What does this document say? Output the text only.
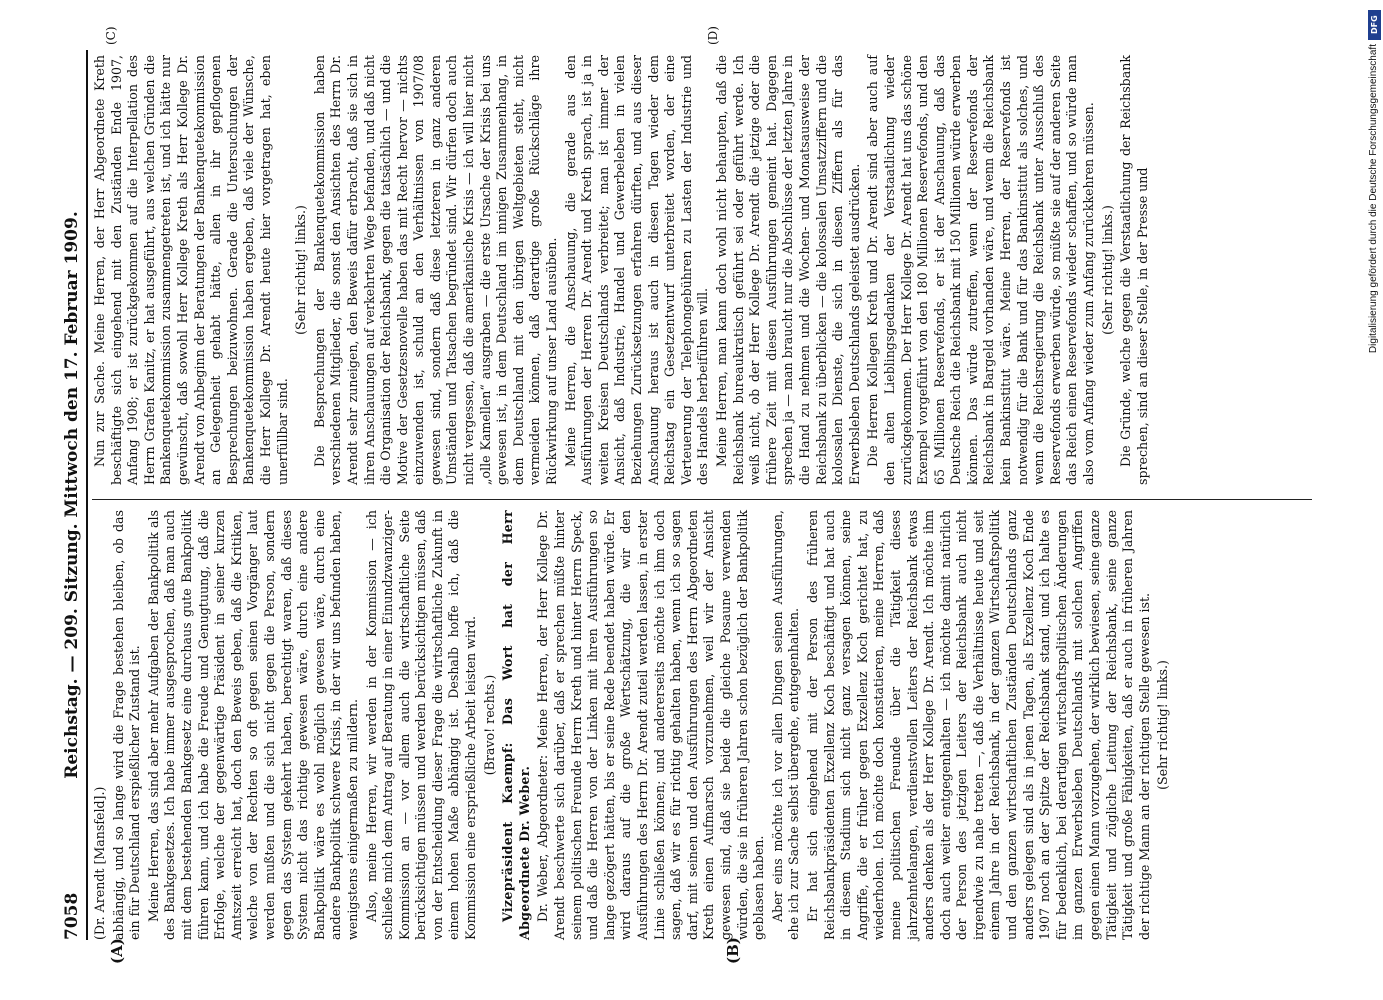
7058
Reichstag. — 209. Sitzung. Mittwoch den 17. Februar 1909.
(A)	(B)
(C)	(D)

(Dr. Arendt [Mansfeld].) abhängig, und so lange wird die Frage bestehen bleiben, ob das ein für Deutschland erspießlicher Zustand ist. Meine Herren, das sind aber mehr Aufgaben der Bankpolitik als des Bankgesetzes. Ich habe immer ausgesprochen, daß man auch mit dem bestehenden Bankgesetz eine durchaus gute Bankpolitik führen kann, und ich habe die Freude und Genugtuung, daß die Erfolge, welche der gegenwärtige Präsident in seiner kurzen Amtszeit erreicht hat, doch den Beweis geben, daß die Kritiken, welche von der Rechten so oft gegen seinen Vorgänger laut werden mußten und die sich nicht gegen die Person, sondern gegen das System gekehrt haben, berechtigt waren, daß dieses System nicht das richtige gewesen wäre, durch eine andere Bankpolitik wäre es wohl möglich gewesen wäre, durch eine andere Bankpolitik schwere Krisis, in der wir uns befunden haben, wenigstens einigermaßen zu mildern. Also, meine Herren, wir werden in der Kommission — ich schließe mich dem Antrag auf Beratung in einer Einundzwanziger-Kommission an — vor allem auch die wirtschaftliche Seite berücksichtigen müssen und werden berücksichtigen müssen, daß von der Entscheidung dieser Frage die wirtschaftliche Zukunft in einem hohen Maße abhängig ist. Deshalb hoffe ich, daß die Kommission eine ersprießliche Arbeit leisten wird. (Bravo! rechts.) Vizepräsident Kaempf: Das Wort hat der Herr Abgeordnete Dr. Weber. Dr. Weber, Abgeordneter: Meine Herren, der Herr Kollege Dr. Arendt beschwerte sich darüber, daß er sprechen müßte hinter seinem politischen Freunde Herrn Kreth und hinter Herrn Speck, und daß die Herren von der Linken mit ihren Ausführungen so lange gezögert hätten, bis er seine Rede beendet haben würde. Er wird daraus auf die große Wertschätzung, die wir den Ausführungen des Herrn Dr. Arendt zuteil werden lassen, in erster Linie schließen können; und andererseits möchte ich ihm doch sagen, daß wir es für richtig gehalten haben, wenn ich so sagen darf, mit seinen und den Ausführungen des Herrn Abgeordneten Kreth einen Aufmarsch vorzunehmen, weil wir der Ansicht gewesen sind, daß sie beide die gleiche Posaune verwenden würden, die sie in früheren Jahren schon bezüglich der Bankpolitik geblasen haben. Aber eins möchte ich vor allen Dingen seinen Ausführungen, ehe ich zur Sache selbst übergehe, entgegenhalten. Er hat sich eingehend mit der Person des früheren Reichsbankpräsidenten Exzellenz Koch beschäftigt und hat auch in diesem Stadium sich nicht ganz versagen können, seine Angriffe, die er früher gegen Exzellenz Koch gerichtet hat, zu wiederholen. Ich möchte doch konstatieren, meine Herren, daß meine politischen Freunde über die Tätigkeit dieses jahrzehntelangen, verdienstvollen Leiters der Reichsbank etwas anders denken als der Herr Kollege Dr. Arendt. Ich möchte ihm doch auch weiter entgegenhalten — ich möchte damit natürlich der Person des jetzigen Leiters der Reichsbank auch nicht irgendwie zu nahe treten —, daß die Verhältnisse heute und seit einem Jahre in der Reichsbank, in der ganzen Wirtschaftspolitik und den ganzen wirtschaftlichen Zuständen Deutschlands ganz anders gelegen sind als in jenen Tagen, als Exzellenz Koch Ende 1907 noch an der Spitze der Reichsbank stand, und ich halte es für bedenklich, bei derartigen wirtschaftspolitischen Änderungen im ganzen Erwerbsleben Deutschlands mit solchen Angriffen gegen einen Mann vorzugehen, der wirklich bewiesen, seine ganze Tätigkeit und zügliche Leitung der Reichsbank, seine ganze Tätigkeit und große Fähigkeiten, daß er auch in früheren Jahren der richtige Mann an der richtigen Stelle gewesen ist. (Sehr richtig! links.)

Nun zur Sache. Meine Herren, der Herr Abgeordnete Kreth beschäftigte sich eingehend mit den Zuständen Ende 1907, Anfang 1908; er ist zurückgekommen auf die Interpellation des Herrn Grafen Kanitz, er hat ausgeführt, aus welchen Gründen die Bankenquetekommission zusammengetreten ist, und ich hätte nur gewünscht, daß sowohl Herr Kollege Kreth als Herr Kollege Dr. Arendt von Anbeginn der Beratungen der Bankenquetekommission an Gelegenheit gehabt hätte, allen in ihr gepflogenen Besprechungen beizuwohnen. Gerade die Untersuchungen der Bankenquetekommission haben ergeben, daß viele der Wünsche, die Herr Kollege Dr. Arendt heute hier vorgetragen hat, eben unerfüllbar sind.

(Sehr richtig! links.) Die Besprechungen der Bankenquetekommission haben verschiedenen Mitglieder, die sonst den Ansichten des Herrn Dr. Arendt sehr zuneigen, den Beweis dafür erbracht, daß sie sich in ihren Anschauungen auf verkehrten Wege befanden, und daß nicht die Organisation der Reichsbank, gegen die tatsächlich — und die Motive der Gesetzesnovelle haben das mit Recht hervor — nichts einzuwenden ist, schuld an den Verhältnissen von 1907/08 gewesen sind, sondern daß diese letzteren in ganz anderen Umständen und Tatsachen begründet sind. Wir dürfen doch auch nicht vergessen, daß die amerikanische Krisis — ich will hier nicht „olle Kamellen“ ausgraben — die erste Ursache der Krisis bei uns gewesen ist, in dem Deutschland im innigen Zusammenhang, in dem Deutschland mit den übrigen Weltgebieten steht, nicht vermeiden können, daß derartige große Rückschläge ihre Rückwirkung auf unser Land ausüben. Meine Herren, die Anschauung, die gerade aus den Ausführungen der Herren Dr. Arendt und Kreth sprach, ist ja in weiten Kreisen Deutschlands verbreitet; man ist immer der Ansicht, daß Industrie, Handel und Gewerbeleben in vielen Beziehungen Zurücksetzungen erfahren dürften, und aus dieser Anschauung heraus ist auch in diesen Tagen wieder dem Reichstag ein Gesetzentwurf unterbreitet worden, der eine Verteuerung der Telephongebühren zu Lasten der Industrie und des Handels herbeiführen will. Meine Herren, man kann doch wohl nicht behaupten, daß die Reichsbank bureaukratisch geführt sei oder geführt werde. Ich weiß nicht, ob der Herr Kollege Dr. Arendt die jetzige oder die frühere Zeit mit diesen Ausführungen gemeint hat. Dagegen sprechen ja — man braucht nur die Abschlüsse der letzten Jahre in die Hand zu nehmen und die Wochen- und Monatsausweise der Reichsbank zu überblicken — die kolossalen Umsatzziffern und die kolossalen Dienste, die sich in diesen Ziffern als für das Erwerbsleben Deutschlands geleistet ausdrücken. Die Herren Kollegen Kreth und Dr. Arendt sind aber auch auf den alten Lieblingsgedanken der Verstaatlichung wieder zurückgekommen. Der Herr Kollege Dr. Arendt hat uns das schöne Exempel vorgeführt von den 180 Millionen Reservefonds, und den 65 Millionen Reservefonds, er ist der Anschauung, daß das Deutsche Reich die Reichsbank mit 150 Millionen würde erwerben können. Das würde zutreffen, wenn der Reservefonds der Reichsbank in Bargeld vorhanden wäre, und wenn die Reichsbank kein Bankinstitut wäre. Meine Herren, der Reservefonds ist notwendig für die Bank und für das Bankinstitut als solches, und wenn die Reichsregierung die Reichsbank unter Ausschluß des Reservefonds erwerben würde, so müßte sie auf der anderen Seite das Reich einen Reservefonds wieder schaffen, und so würde man also vom Anfang wieder zum Anfang zurückkehren müssen. (Sehr richtig! links.) Die Gründe, welche gegen die Verstaatlichung der Reichsbank sprechen, sind an dieser Stelle, in der Presse und

DFG
Digitalisierung gefördert durch die Deutsche Forschungsgemeinschaft
